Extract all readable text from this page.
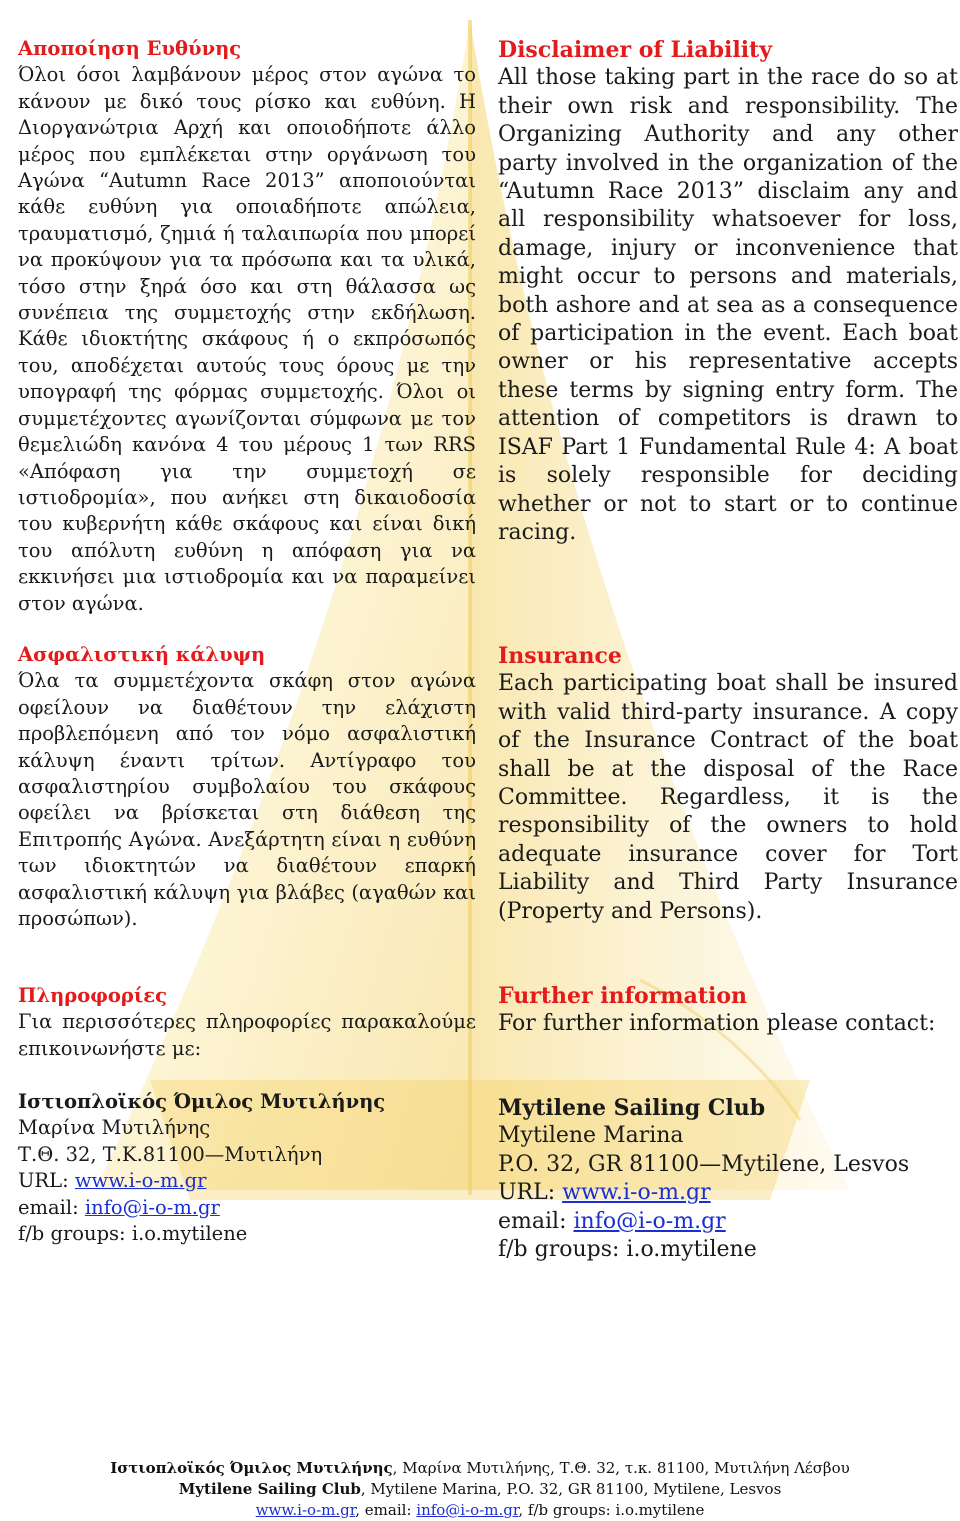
Αποποίηση Ευθύνης
Όλοι όσοι λαμβάνουν μέρος στον αγώνα το κάνουν με δικό τους ρίσκο και ευθύνη. Η Διοργανώτρια Αρχή και οποιοδήποτε άλλο μέρος που εμπλέκεται στην οργάνωση του Αγώνα “Autumn Race 2013” αποποιούνται κάθε ευθύνη για οποιαδήποτε απώλεια, τραυματισμό, ζημιά ή ταλαιπωρία που μπορεί να προκύψουν για τα πρόσωπα και τα υλικά, τόσο στην ξηρά όσο και στη θάλασσα ως συνέπεια της συμμετοχής στην εκδήλωση. Κάθε ιδιοκτήτης σκάφους ή ο εκπρόσωπός του, αποδέχεται αυτούς τους όρους με την υπογραφή της φόρμας συμμετοχής. Όλοι οι συμμετέχοντες αγωνίζονται σύμφωνα με τον θεμελιώδη κανόνα 4 του μέρους 1 των RRS «Απόφαση για την συμμετοχή σε ιστιοδρομία», που ανήκει στη δικαιοδοσία του κυβερνήτη κάθε σκάφους και είναι δική του απόλυτη ευθύνη η απόφαση για να εκκινήσει μια ιστιοδρομία και να παραμείνει στον αγώνα.
Ασφαλιστική κάλυψη
Όλα τα συμμετέχοντα σκάφη στον αγώνα οφείλουν να διαθέτουν την ελάχιστη προβλεπόμενη από τον νόμο ασφαλιστική κάλυψη έναντι τρίτων. Αντίγραφο του ασφαλιστηρίου συμβολαίου του σκάφους οφείλει να βρίσκεται στη διάθεση της Επιτροπής Αγώνα. Ανεξάρτητη είναι η ευθύνη των ιδιοκτητών να διαθέτουν επαρκή ασφαλιστική κάλυψη για βλάβες (αγαθών και προσώπων).
Πληροφορίες
Για περισσότερες πληροφορίες παρακαλούμε επικοινωνήστε με:
Ιστιοπλοϊκός Όμιλος Μυτιλήνης
Μαρίνα Μυτιλήνης
Τ.Θ. 32, Τ.Κ.81100—Μυτιλήνη
URL: www.i-o-m.gr
email: info@i-o-m.gr
f/b groups: i.o.mytilene
Disclaimer of Liability
All those taking part in the race do so at their own risk and responsibility. The Organizing Authority and any other party involved in the organization of the “Autumn Race 2013” disclaim any and all responsibility whatsoever for loss, damage, injury or inconvenience that might occur to persons and materials, both ashore and at sea as a consequence of participation in the event. Each boat owner or his representative accepts these terms by signing entry form. The attention of competitors is drawn to ISAF Part 1 Fundamental Rule 4: A boat is solely responsible for deciding whether or not to start or to continue racing.
Insurance
Each participating boat shall be insured with valid third-party insurance. A copy of the Insurance Contract of the boat shall be at the disposal of the Race Committee. Regardless, it is the responsibility of the owners to hold adequate insurance cover for Tort Liability and Third Party Insurance (Property and Persons).
Further information
For further information please contact:
Mytilene Sailing Club
Mytilene Marina
P.O. 32, GR 81100—Mytilene, Lesvos
URL: www.i-o-m.gr
email: info@i-o-m.gr
f/b groups: i.o.mytilene
Ιστιοπλοϊκός Όμιλος Μυτιλήνης, Μαρίνα Μυτιλήνης, Τ.Θ. 32, τ.κ. 81100, Μυτιλήνη Λέσβου
Mytilene Sailing Club, Mytilene Marina, P.O. 32, GR 81100, Mytilene, Lesvos
www.i-o-m.gr, email: info@i-o-m.gr, f/b groups: i.o.mytilene
